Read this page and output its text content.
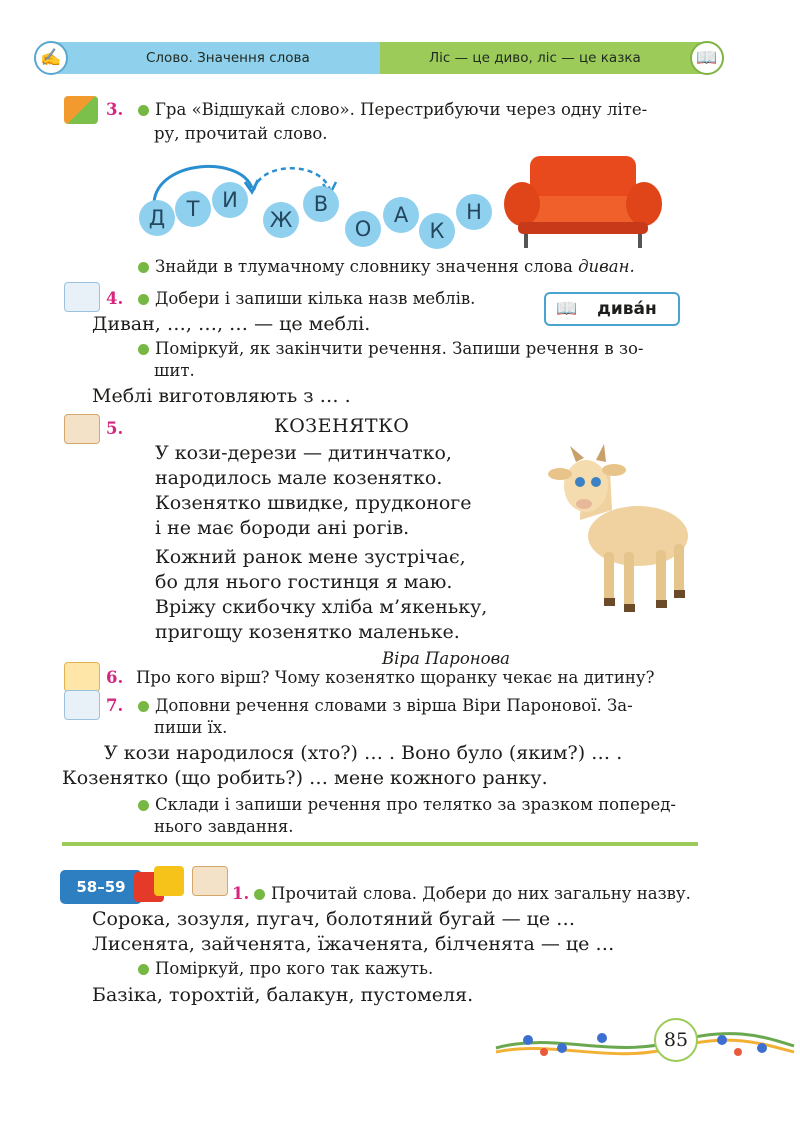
✍	📖
Слово. Значення слова	Ліс — це диво, ліс — це казка
3.	Гра «Відшукай слово». Перестрибуючи через одну літе-
ру, прочитай слово.
Д	Т	И
Ж
В
О
А
К
Н
Знайди в тлумачному словнику значення слова диван.
4.	Добери і запиши кілька назв меблів.
Диван, …, …, … — це меблі.
📖 дива́н
Поміркуй, як закінчити речення. Запиши речення в зо-
шит.
Меблі виготовляють з … .
5.	КОЗЕНЯТКО
У кози-дерези — дитинчатко,
народилось мале козенятко.
Козенятко швидке, прудконоге
і не має бороди ані рогів.
Кожний ранок мене зустрічає,
бо для нього гостинця я маю.
Вріжу скибочку хліба м’якеньку,
пригощу козенятко маленьке.
Віра Паронова
6. Про кого вірш? Чому козенятко щоранку чекає на дитину?
7.	Доповни речення словами з вірша Віри Паронової. За-
пиши їх.
У кози народилося (хто?) … . Воно було (яким?) … .
Козенятко (що робить?) … мене кожного ранку.
Склади і запиши речення про телятко за зразком поперед-
нього завдання.
58–59	1.	Прочитай слова. Добери до них загальну назву.
Сорока, зозуля, пугач, болотяний бугай — це …
Лисенята, зайченята, їжаченята, білченята — це …
Поміркуй, про кого так кажуть.
Базіка, торохтій, балакун, пустомеля.
85
